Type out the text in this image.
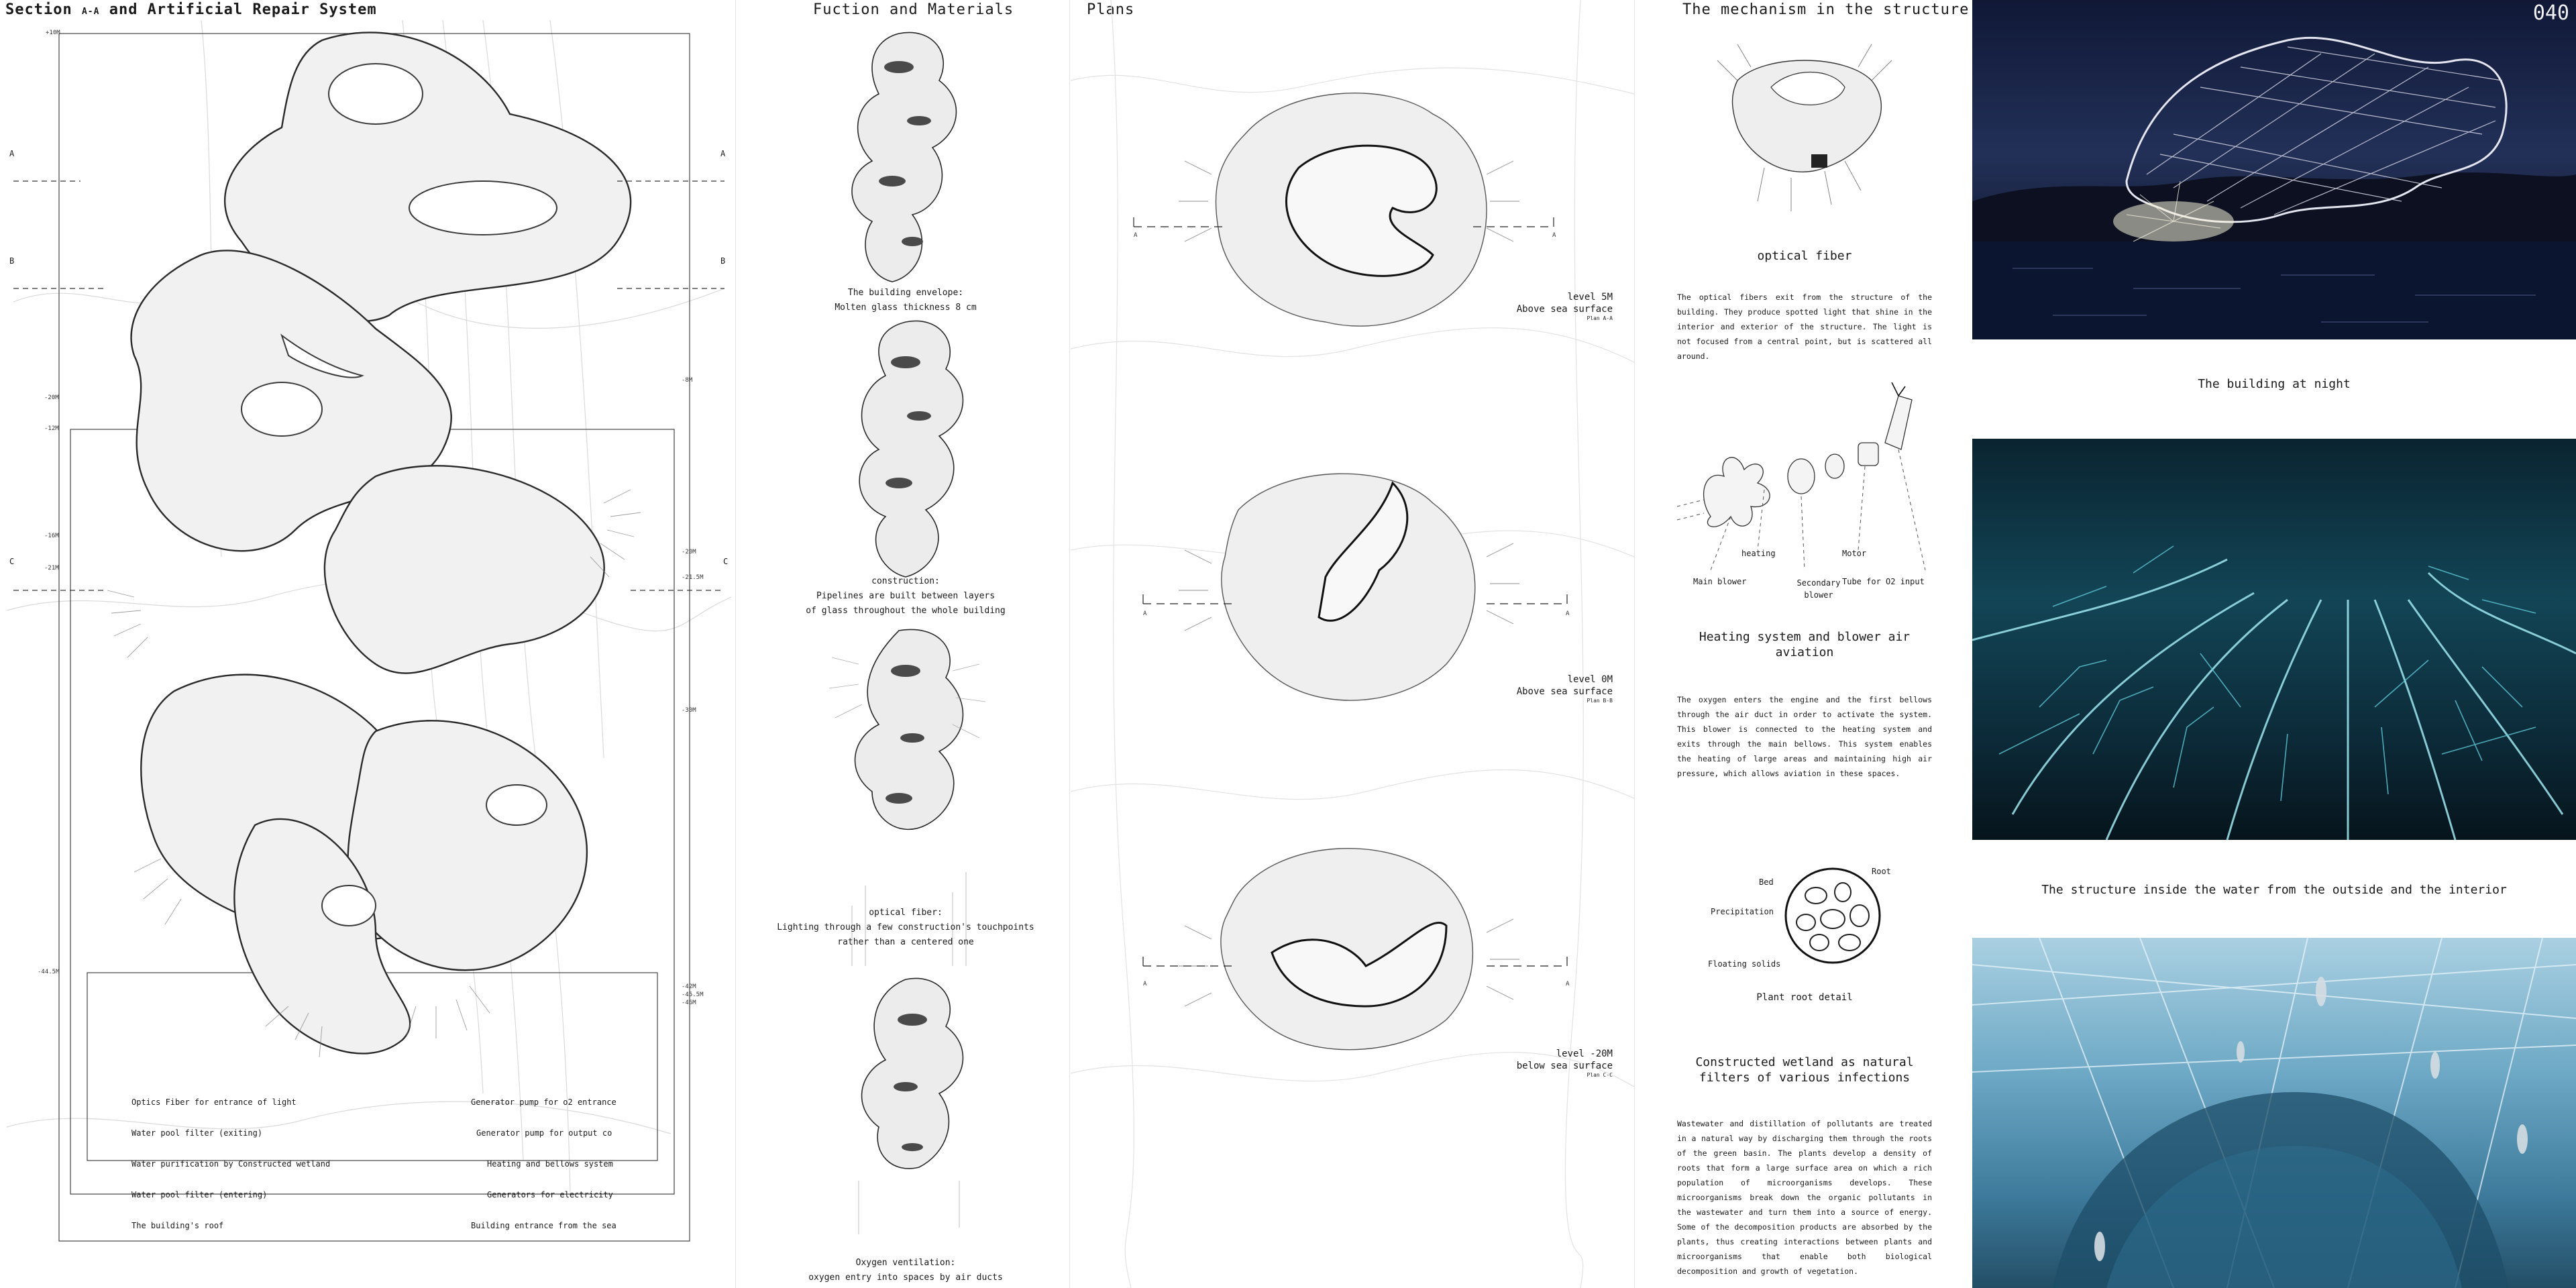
Section A-A and Artificial Repair System
A	A
B	B
C	C
+10M
-20M
-12M
-16M
-21M
-44.5M
-8M
-20M
-21.5M
-30M
-42M
-45.5M
-46M
Optics Fiber for entrance of light
Water pool filter (exiting)
Water purification by Constructed wetland
Water pool filter (entering)
The building's roof
Generator pump for o2 entrance
Generator pump for output co
Heating and bellows system
Generators for electricity
Building entrance from the sea
Fuction and Materials
The building envelope:
Molten glass thickness 8 cm
construction:
Pipelines are built between layers
of glass throughout the whole building
optical fiber:
Lighting through a few construction's touchpoints
rather than a centered one
Oxygen ventilation:
oxygen entry into spaces by air ducts
Plans
A	A
A	A
A	A
level 5M
Above sea surface
Plan A-A
level 0M
Above sea surface
Plan B-B
level -20M
below sea surface
Plan C-C
The mechanism in the structure
optical fiber
The optical fibers exit from the structure of the building. They produce spotted light that shine in the interior and exterior of the structure. The light is not focused from a central point, but is scattered all around.
Main blower
heating
Secondary blower
Motor
Tube for O2 input
Heating system and blower air aviation
The oxygen enters the engine and the first bellows through the air duct in order to activate the system. This blower is connected to the heating system and exits through the main bellows. This system enables the heating of large areas and maintaining high air pressure, which allows aviation in these spaces.
Bed
Root
Precipitation
Floating solids
Plant root detail
Constructed wetland as natural filters of various infections
Wastewater and distillation of pollutants are treated in a natural way by discharging them through the roots of the green basin. The plants develop a density of roots that form a large surface area on which a rich population of microorganisms develops. These microorganisms break down the organic pollutants in the wastewater and turn them into a source of energy. Some of the decomposition products are absorbed by the plants, thus creating interactions between plants and microorganisms that enable both biological decomposition and growth of vegetation.
040
The building at night
The structure inside the water from the outside and the interior
